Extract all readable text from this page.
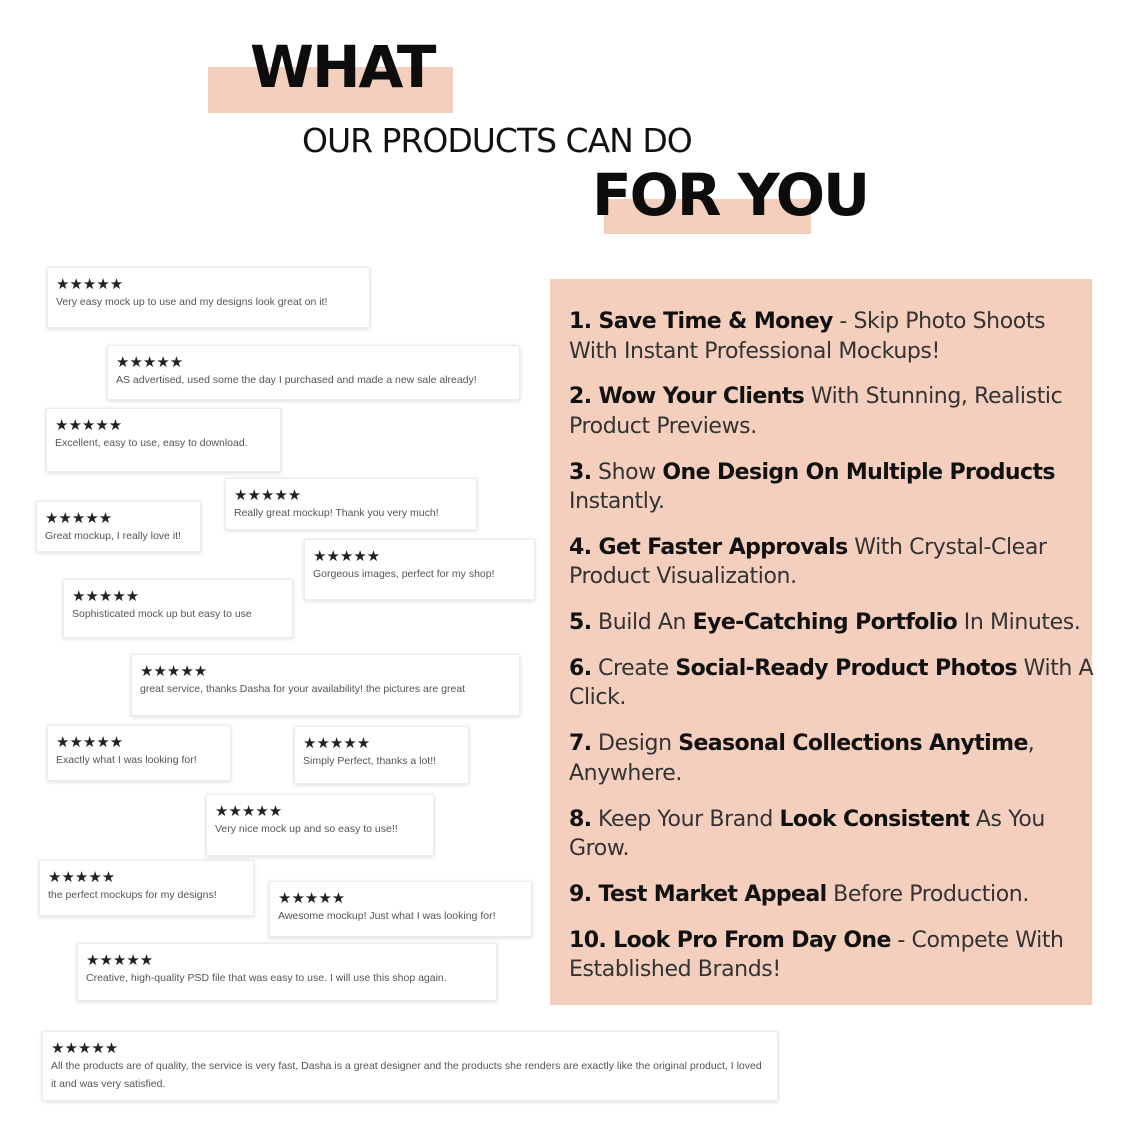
WHAT
OUR PRODUCTS CAN DO
FOR YOU
★★★★★
Very easy mock up to use and my designs look great on it!
★★★★★
AS advertised, used some the day I purchased and made a new sale already!
★★★★★
Excellent, easy to use, easy to download.
★★★★★
Really great mockup! Thank you very much!
★★★★★
Great mockup, I really love it!
★★★★★
Gorgeous images, perfect for my shop!
★★★★★
Sophisticated mock up but easy to use
★★★★★
great service, thanks Dasha for your availability! the pictures are great
★★★★★
Exactly what I was looking for!
★★★★★
Simply Perfect, thanks a lot!!
★★★★★
Very nice mock up and so easy to use!!
★★★★★
the perfect mockups for my designs!	★★★★★
Awesome mockup! Just what I was looking for!
★★★★★
Creative, high-quality PSD file that was easy to use. I will use this shop again.
★★★★★
All the products are of quality, the service is very fast, Dasha is a great designer and the products she renders are exactly like the original product, I loved it and was very satisfied.

1. Save Time & Money - Skip Photo Shoots With Instant Professional Mockups!

2. Wow Your Clients With Stunning, Realistic Product Previews.

3. Show One Design On Multiple Products Instantly.

4. Get Faster Approvals With Crystal-Clear Product Visualization.

5. Build An Eye-Catching Portfolio In Minutes.

6. Create Social-Ready Product Photos With A Click.

7. Design Seasonal Collections Anytime, Anywhere.

8. Keep Your Brand Look Consistent As You Grow.

9. Test Market Appeal Before Production.

10. Look Pro From Day One - Compete With Established Brands!
